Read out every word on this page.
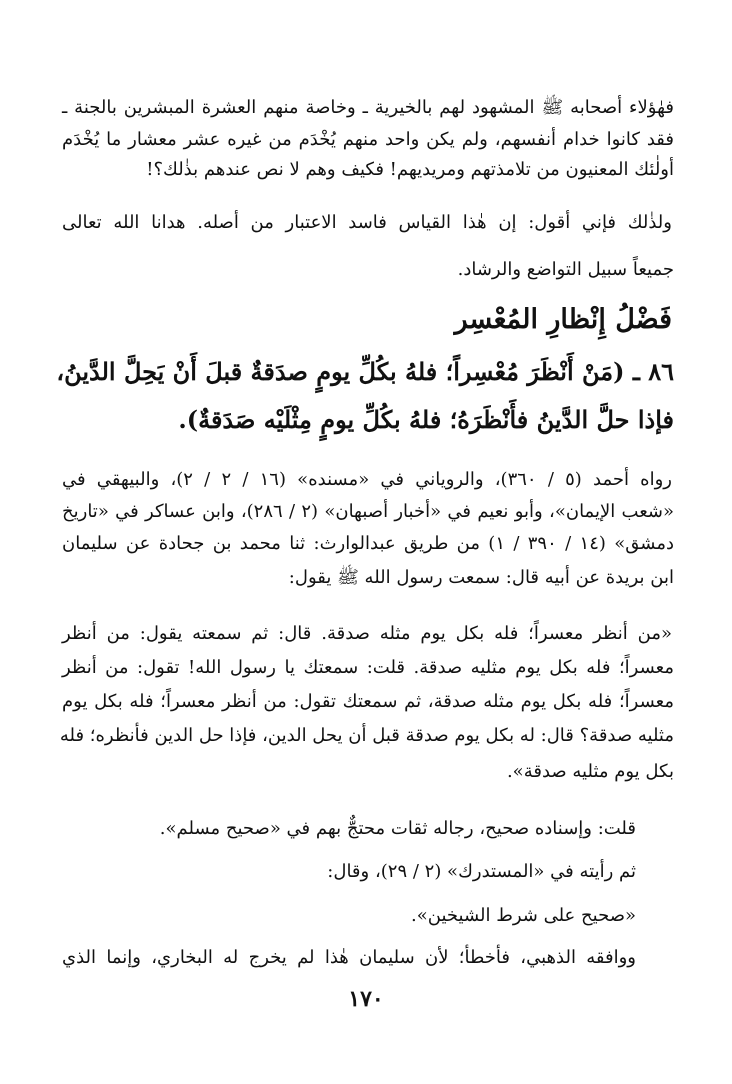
فهٰؤلاء أصحابه ﷺ المشهود لهم بالخيرية ـ وخاصة منهم العشرة المبشرين بالجنة ـ
فقد كانوا خدام أنفسهم، ولم يكن واحد منهم يُخْدَم من غيره عشر معشار ما يُخْدَم
أولٰئك المعنيون من تلامذتهم ومريديهم! فكيف وهم لا نص عندهم بذٰلك؟!
ولذٰلك فإني أقول: إن هٰذا القياس فاسد الاعتبار من أصله. هدانا الله تعالى
جميعاً سبيل التواضع والرشاد.
فَضْلُ إِنْظارِ المُعْسِر
٨٦ ـ (مَنْ أَنْظَرَ مُعْسِراً؛ فلهُ بكُلِّ يومٍ صدَقةٌ قبلَ أَنْ يَحِلَّ الدَّينُ،
فإذا حلَّ الدَّينُ فأَنْظَرَهُ؛ فلهُ بكُلِّ يومٍ مِثْلَيْه صَدَقةٌ).
رواه أحمد (٥ / ٣٦٠)، والروياني في «مسنده» (١٦ / ٢ / ٢)، والبيهقي في
«شعب الإيمان»، وأبو نعيم في «أخبار أصبهان» (٢ / ٢٨٦)، وابن عساكر في «تاريخ
دمشق» (١٤ / ٣٩٠ / ١) من طريق عبدالوارث: ثنا محمد بن جحادة عن سليمان
ابن بريدة عن أبيه قال: سمعت رسول الله ﷺ يقول:
«من أنظر معسراً؛ فله بكل يوم مثله صدقة. قال: ثم سمعته يقول: من أنظر
معسراً؛ فله بكل يوم مثليه صدقة. قلت: سمعتك يا رسول الله! تقول: من أنظر
معسراً؛ فله بكل يوم مثله صدقة، ثم سمعتك تقول: من أنظر معسراً؛ فله بكل يوم
مثليه صدقة؟ قال: له بكل يوم صدقة قبل أن يحل الدين، فإذا حل الدين فأنظره؛ فله
بكل يوم مثليه صدقة».
قلت: وإسناده صحيح، رجاله ثقات محتجٌّ بهم في «صحيح مسلم».
ثم رأيته في «المستدرك» (٢ / ٢٩)، وقال:
«صحيح على شرط الشيخين».
ووافقه الذهبي، فأخطأ؛ لأن سليمان هٰذا لم يخرج له البخاري، وإنما الذي
١٧٠
